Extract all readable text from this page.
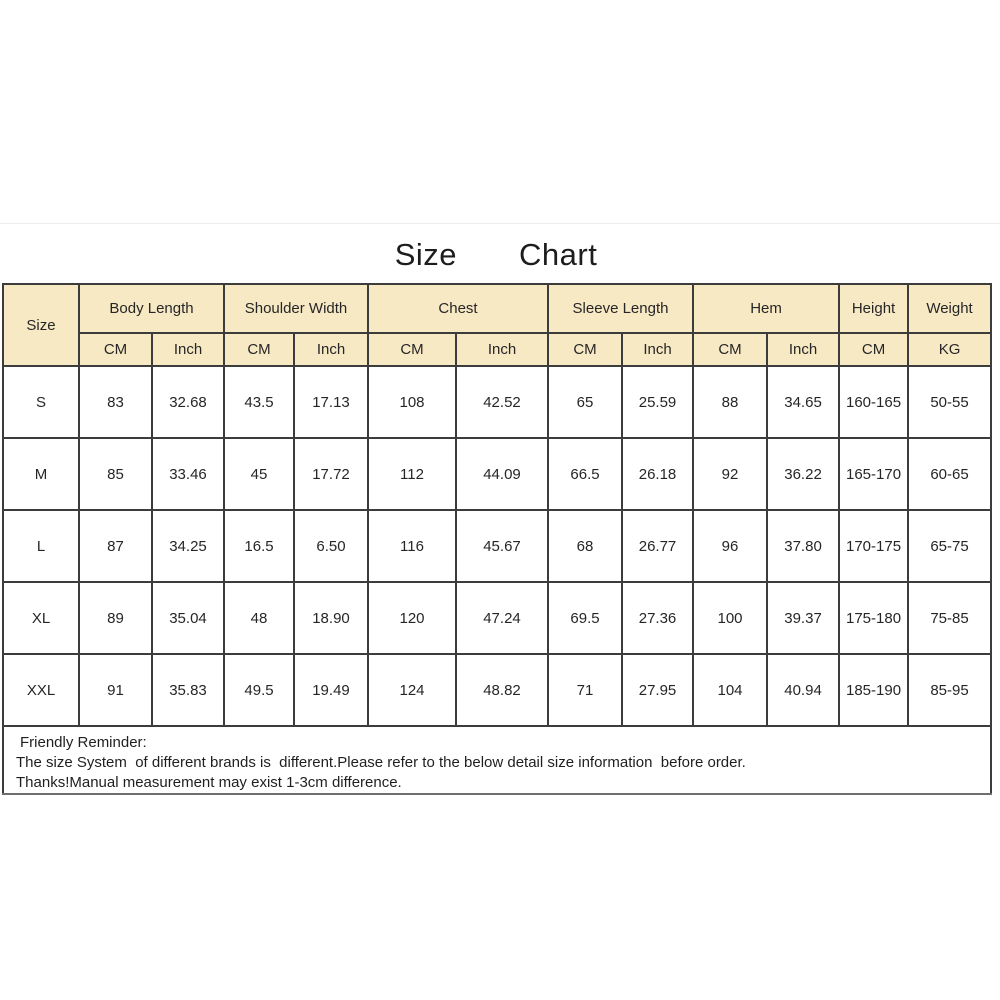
Size Chart
Size	Body Length		Shoulder Width		Chest		Sleeve Length		Hem		Height	Weight
	CM	Inch	CM	Inch	CM	Inch	CM	Inch	CM	Inch	CM	KG
S	83	32.68	43.5	17.13	108	42.52	65	25.59	88	34.65	160-165	50-55
M	85	33.46	45	17.72	112	44.09	66.5	26.18	92	36.22	165-170	60-65
L	87	34.25	16.5	6.50	116	45.67	68	26.77	96	37.80	170-175	65-75
XL	89	35.04	48	18.90	120	47.24	69.5	27.36	100	39.37	175-180	75-85
XXL	91	35.83	49.5	19.49	124	48.82	71	27.95	104	40.94	185-190	85-95

Friendly Reminder:
The size System  of different brands is  different.Please refer to the below detail size information  before order.
Thanks!Manual measurement may exist 1-3cm difference.												
